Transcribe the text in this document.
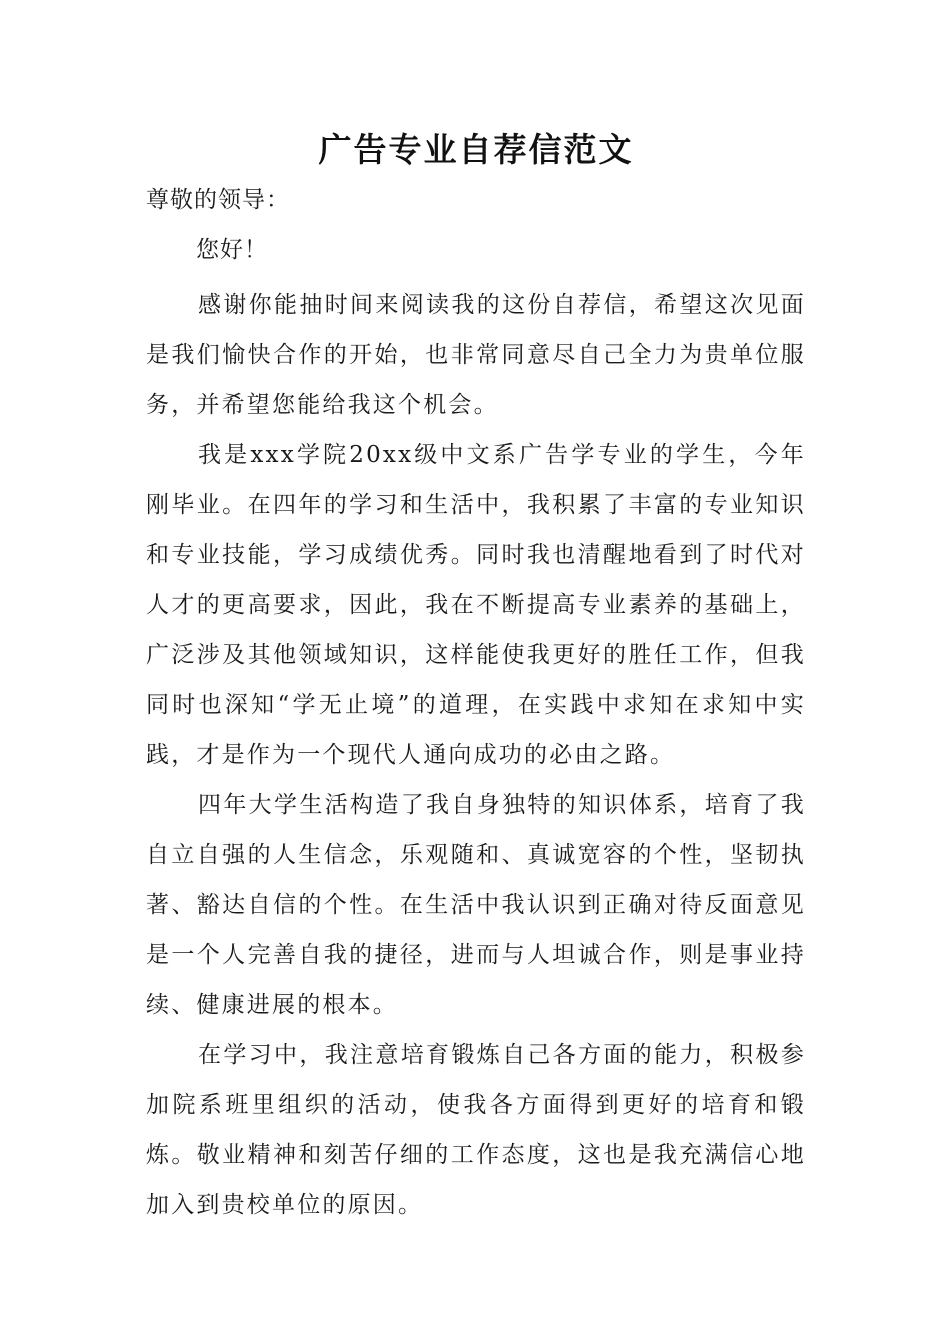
广告专业自荐信范文

尊敬的领导：

您好！

感谢你能抽时间来阅读我的这份自荐信，希望这次见面是我们愉快合作的开始，也非常同意尽自己全力为贵单位服务，并希望您能给我这个机会。

我是xxx学院20xx级中文系广告学专业的学生，今年刚毕业。在四年的学习和生活中，我积累了丰富的专业知识和专业技能，学习成绩优秀。同时我也清醒地看到了时代对人才的更高要求，因此，我在不断提高专业素养的基础上，广泛涉及其他领域知识，这样能使我更好的胜任工作，但我同时也深知“学无止境”的道理，在实践中求知在求知中实践，才是作为一个现代人通向成功的必由之路。

四年大学生活构造了我自身独特的知识体系，培育了我自立自强的人生信念，乐观随和、真诚宽容的个性，坚韧执著、豁达自信的个性。在生活中我认识到正确对待反面意见是一个人完善自我的捷径，进而与人坦诚合作，则是事业持续、健康进展的根本。

在学习中，我注意培育锻炼自己各方面的能力，积极参加院系班里组织的活动，使我各方面得到更好的培育和锻炼。敬业精神和刻苦仔细的工作态度，这也是我充满信心地加入到贵校单位的原因。
